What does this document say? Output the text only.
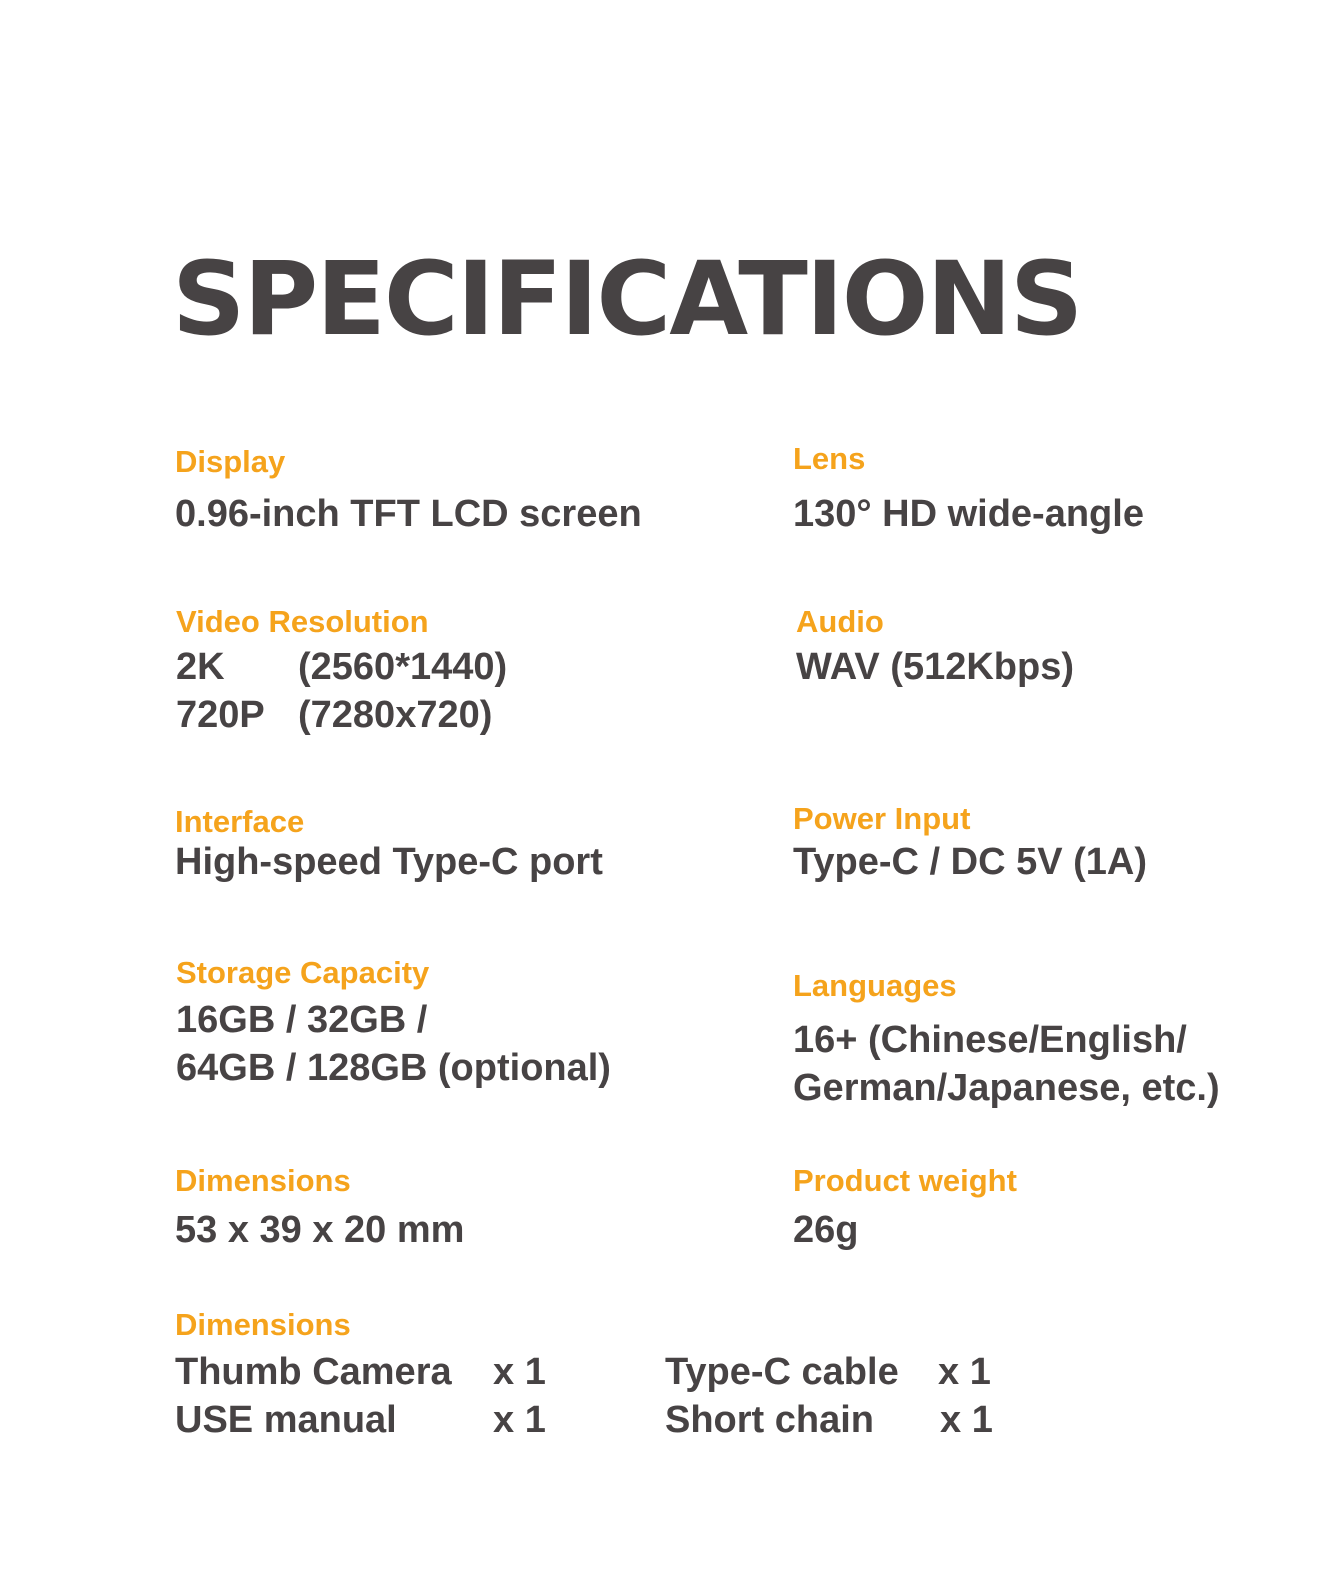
SPECIFICATIONS
Display
0.96-inch TFT LCD screen
Lens
130° HD wide-angle
Video Resolution
2K (2560*1440)
720P (7280x720)
Audio
WAV (512Kbps)
Interface
High-speed Type-C port
Power Input
Type-C / DC 5V (1A)
Storage Capacity
16GB / 32GB /
64GB / 128GB (optional)
Languages
16+ (Chinese/English/
German/Japanese, etc.)
Dimensions
53 x 39 x 20 mm
Product weight
26g
Dimensions
Thumb Camera x 1
USE manual	x 1
Type-C cable x 1
Short chain x 1
